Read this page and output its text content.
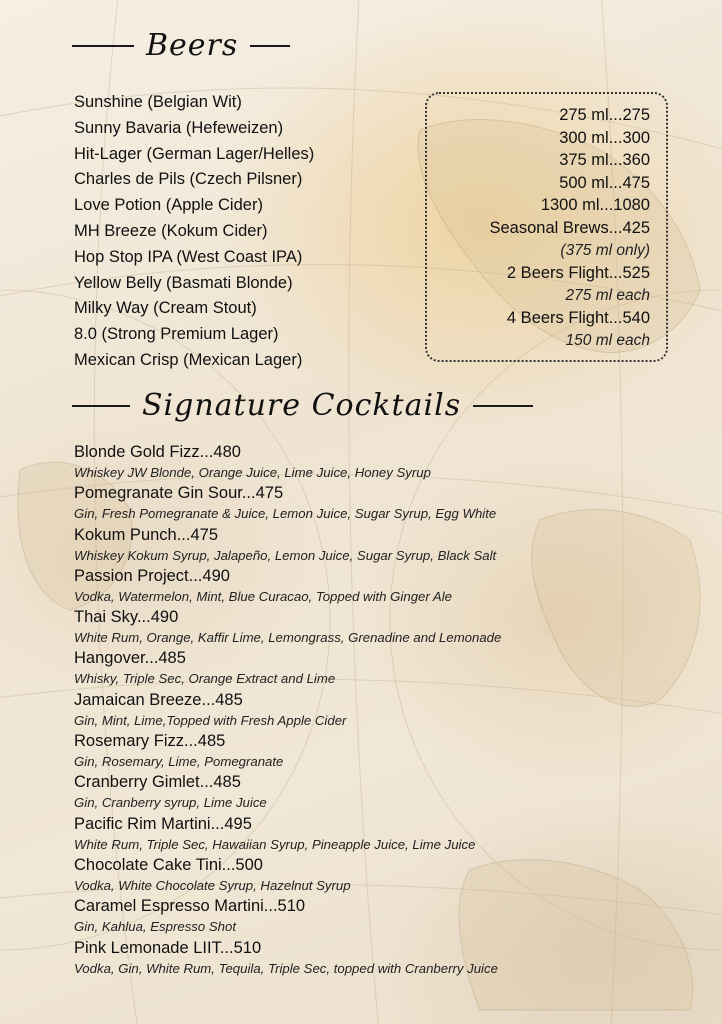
Beers
Sunshine (Belgian Wit)
Sunny Bavaria (Hefeweizen)
Hit-Lager (German Lager/Helles)
Charles de Pils (Czech Pilsner)
Love Potion (Apple Cider)
MH Breeze (Kokum Cider)
Hop Stop IPA (West Coast IPA)
Yellow Belly (Basmati Blonde)
Milky Way (Cream Stout)
8.0 (Strong Premium Lager)
Mexican Crisp (Mexican Lager)
275 ml...275
300 ml...300
375 ml...360
500 ml...475
1300 ml...1080
Seasonal Brews...425
(375 ml only)
2 Beers Flight...525
275 ml each
4 Beers Flight...540
150 ml each
Signature Cocktails
Blonde Gold Fizz...480
Whiskey JW Blonde, Orange Juice, Lime Juice, Honey Syrup
Pomegranate Gin Sour...475
Gin, Fresh Pomegranate & Juice, Lemon Juice, Sugar Syrup, Egg White
Kokum Punch...475
Whiskey Kokum Syrup, Jalapeño, Lemon Juice, Sugar Syrup, Black Salt
Passion Project...490
Vodka, Watermelon, Mint, Blue Curacao, Topped with Ginger Ale
Thai Sky...490
White Rum, Orange, Kaffir Lime, Lemongrass, Grenadine and Lemonade
Hangover...485
Whisky, Triple Sec, Orange Extract and Lime
Jamaican Breeze...485
Gin, Mint, Lime,Topped with Fresh Apple Cider
Rosemary Fizz...485
Gin, Rosemary, Lime, Pomegranate
Cranberry Gimlet...485
Gin, Cranberry syrup, Lime Juice
Pacific Rim Martini...495
White Rum, Triple Sec, Hawaiian Syrup, Pineapple Juice, Lime Juice
Chocolate Cake Tini...500
Vodka, White Chocolate Syrup, Hazelnut Syrup
Caramel Espresso Martini...510
Gin, Kahlua, Espresso Shot
Pink Lemonade LIIT...510
Vodka, Gin, White Rum, Tequila, Triple Sec, topped with Cranberry Juice
